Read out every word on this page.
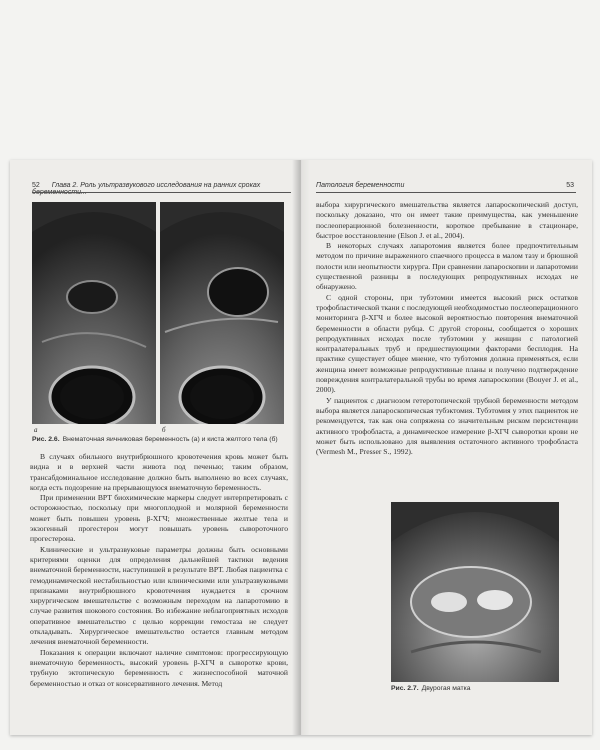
52 Глава 2. Роль ультразвукового исследования на ранних сроках беременности...
а	б
Рис. 2.6. Внематочная яичниковая беременность (а) и киста желтого тела (б)

В случаях обильного внутрибрюшного кровотечения кровь может быть видна и в верхней части живота под печенью; таким образом, трансабдоминальное исследование должно быть выполнено во всех случаях, когда есть подозрение на прерывающуюся внематочную беременность.

При применении ВРТ биохимические маркеры следует интерпретировать с осторожностью, поскольку при многоплодной и молярной беременности может быть повышен уровень β-ХГЧ; множественные желтые тела и экзогенный прогестерон могут повышать уровень сывороточного прогестерона.

Клинические и ультразвуковые параметры должны быть основными критериями оценки для определения дальнейшей тактики ведения внематочной беременности, наступившей в результате ВРТ. Любая пациентка с гемодинамической нестабильностью или клиническими или ультразвуковыми признаками внутрибрюшного кровотечения нуждается в срочном хирургическом вмешательстве с возможным переходом на лапаротомию в случае развития шокового состояния. Во избежание неблагоприятных исходов оперативное вмешательство с целью коррекции гемостаза не следует откладывать. Хирургическое вмешательство остается главным методом лечения внематочной беременности.

Показания к операции включают наличие симптомов: прогрессирующую внематочную беременность, высокий уровень β-ХГЧ в сыворотке крови, трубную эктопическую беременность с жизнеспособной маточной беременностью и отказ от консервативного лечения. Метод

Патология беременности	53

выбора хирургического вмешательства является лапароскопический доступ, поскольку доказано, что он имеет такие преимущества, как уменьшение послеоперационной болезненности, короткое пребывание в стационаре, быстрое восстановление (Elson J. et al., 2004).

В некоторых случаях лапаротомия является более предпочтительным методом по причине выраженного спаечного процесса в малом тазу и брюшной полости или неопытности хирурга. При сравнении лапароскопии и лапаротомии существенной разницы в последующих репродуктивных исходах не обнаружено.

С одной стороны, при тубэтомии имеется высокий риск остатков трофобластической ткани с последующей необходимостью послеоперационного мониторинга β-ХГЧ и более высокой вероятностью повторения внематочной беременности в области рубца. С другой стороны, сообщается о хороших репродуктивных исходах после тубэтомии у женщин с патологией контралатеральных труб и предшествующими факторами бесплодия. На практике существует общее мнение, что тубэтомия должна применяться, если женщина имеет возможные репродуктивные планы и получено подтверждение повреждения контралатеральной трубы во время лапароскопии (Bouyer J. et al., 2000).

У пациенток с диагнозом гетеротопической трубной беременности методом выбора является лапароскопическая тубэктомия. Тубэтомия у этих пациенток не рекомендуется, так как она сопряжена со значительным риском персистенции активного трофобласта, а динамическое измерение β-ХГЧ сыворотки крови не может быть использовано для выявления остаточного активного трофобласта (Vermesh M., Presser S., 1992).

Рис. 2.7. Двурогая матка
